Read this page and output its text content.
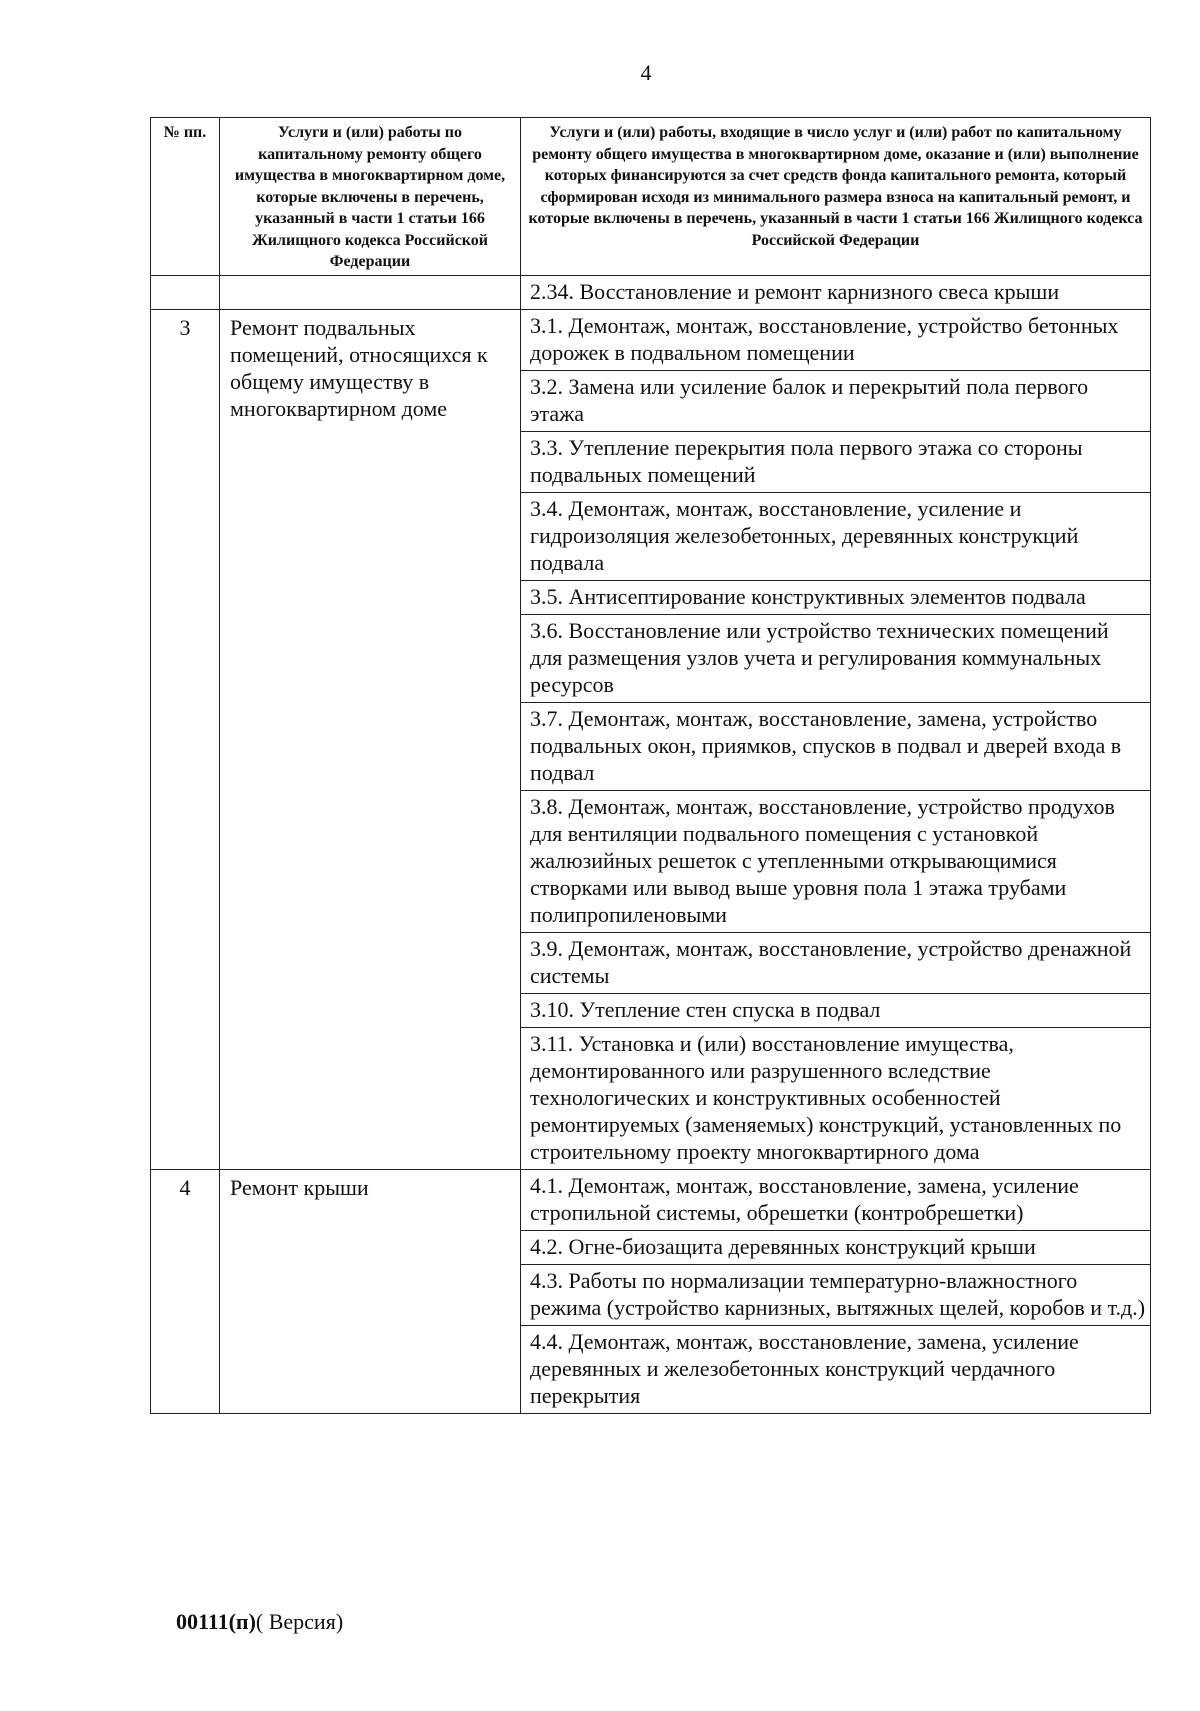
4
№ пп.	Услуги и (или) работы по капитальному ремонту общего имущества в многоквартирном доме, которые включены в перечень, указанный в части 1 статьи 166 Жилищного кодекса Российской Федерации	Услуги и (или) работы, входящие в число услуг и (или) работ по капитальному ремонту общего имущества в многоквартирном доме, оказание и (или) выполнение которых финансируются за счет средств фонда капитального ремонта, который сформирован исходя из минимального размера взноса на капитальный ремонт, и которые включены в перечень, указанный в части 1 статьи 166 Жилищного кодекса Российской Федерации
		2.34. Восстановление и ремонт карнизного свеса крыши
3	Ремонт подвальных помещений, относящихся к общему имуществу в многоквартирном доме	3.1. Демонтаж, монтаж, восстановление, устройство бетонных дорожек в подвальном помещении
		3.2. Замена или усиление балок и перекрытий пола первого этажа
		3.3. Утепление перекрытия пола первого этажа со стороны подвальных помещений
		3.4. Демонтаж, монтаж, восстановление, усиление и гидроизоляция железобетонных, деревянных конструкций подвала
		3.5. Антисептирование конструктивных элементов подвала
		3.6. Восстановление или устройство технических помещений для размещения узлов учета и регулирования коммунальных ресурсов
		3.7. Демонтаж, монтаж, восстановление, замена, устройство подвальных окон, приямков, спусков в подвал и дверей входа в подвал
		3.8. Демонтаж, монтаж, восстановление, устройство продухов для вентиляции подвального помещения с установкой жалюзийных решеток с утепленными открывающимися створками или вывод выше уровня пола 1 этажа трубами полипропиленовыми
		3.9. Демонтаж, монтаж, восстановление, устройство дренажной системы
		3.10. Утепление стен спуска в подвал
		3.11. Установка и (или) восстановление имущества, демонтированного или разрушенного вследствие технологических и конструктивных особенностей ремонтируемых (заменяемых) конструкций, установленных по строительному проекту многоквартирного дома
4	Ремонт крыши	4.1. Демонтаж, монтаж, восстановление, замена, усиление стропильной системы, обрешетки (контробрешетки)
		4.2. Огне-биозащита деревянных конструкций крыши
		4.3. Работы по нормализации температурно-влажностного режима (устройство карнизных, вытяжных щелей, коробов и т.д.)
		4.4. Демонтаж, монтаж, восстановление, замена, усиление деревянных и железобетонных конструкций чердачного перекрытия
00111(п)( Версия)
